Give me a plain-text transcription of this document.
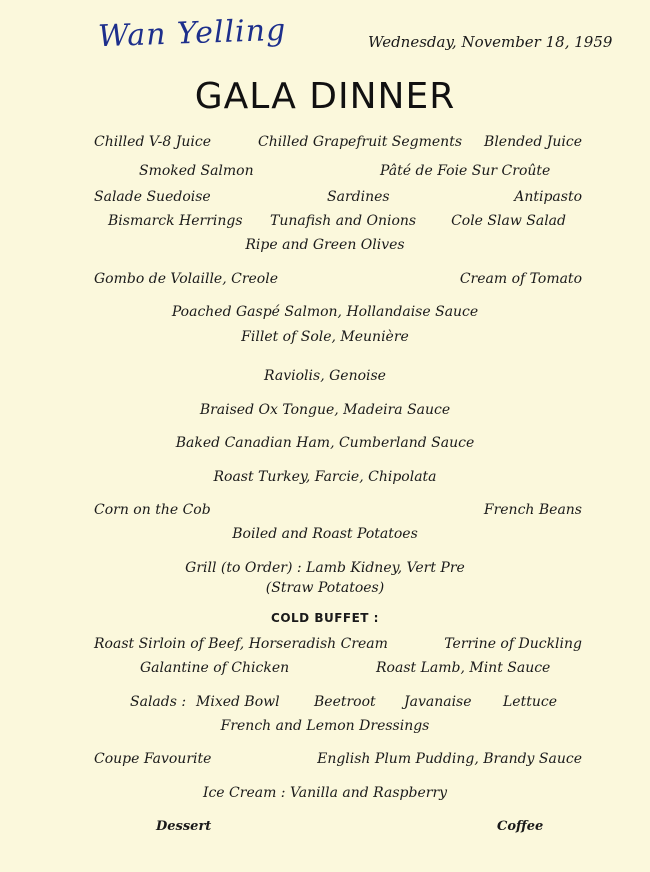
Wan Yelling	Wednesday, November 18, 1959
GALA DINNER
Chilled V-8 Juice	Chilled Grapefruit Segments Blended Juice
Smoked Salmon	Pâté de Foie Sur Croûte
Salade Suedoise	Sardines	Antipasto
Bismarck Herrings Tunafish and Onions Cole Slaw Salad
Ripe and Green Olives
Gombo de Volaille, Creole	Cream of Tomato
Poached Gaspé Salmon, Hollandaise Sauce
Fillet of Sole, Meunière
Raviolis, Genoise
Braised Ox Tongue, Madeira Sauce
Baked Canadian Ham, Cumberland Sauce
Roast Turkey, Farcie, Chipolata
Corn on the Cob	French Beans
Boiled and Roast Potatoes
Grill (to Order) : Lamb Kidney, Vert Pre
(Straw Potatoes)
COLD BUFFET :
Roast Sirloin of Beef, Horseradish Cream	Terrine of Duckling
Galantine of Chicken	Roast Lamb, Mint Sauce
Salads : Mixed Bowl Beetroot Javanaise Lettuce
French and Lemon Dressings
Coupe Favourite	English Plum Pudding, Brandy Sauce
Ice Cream : Vanilla and Raspberry
Dessert	Coffee
